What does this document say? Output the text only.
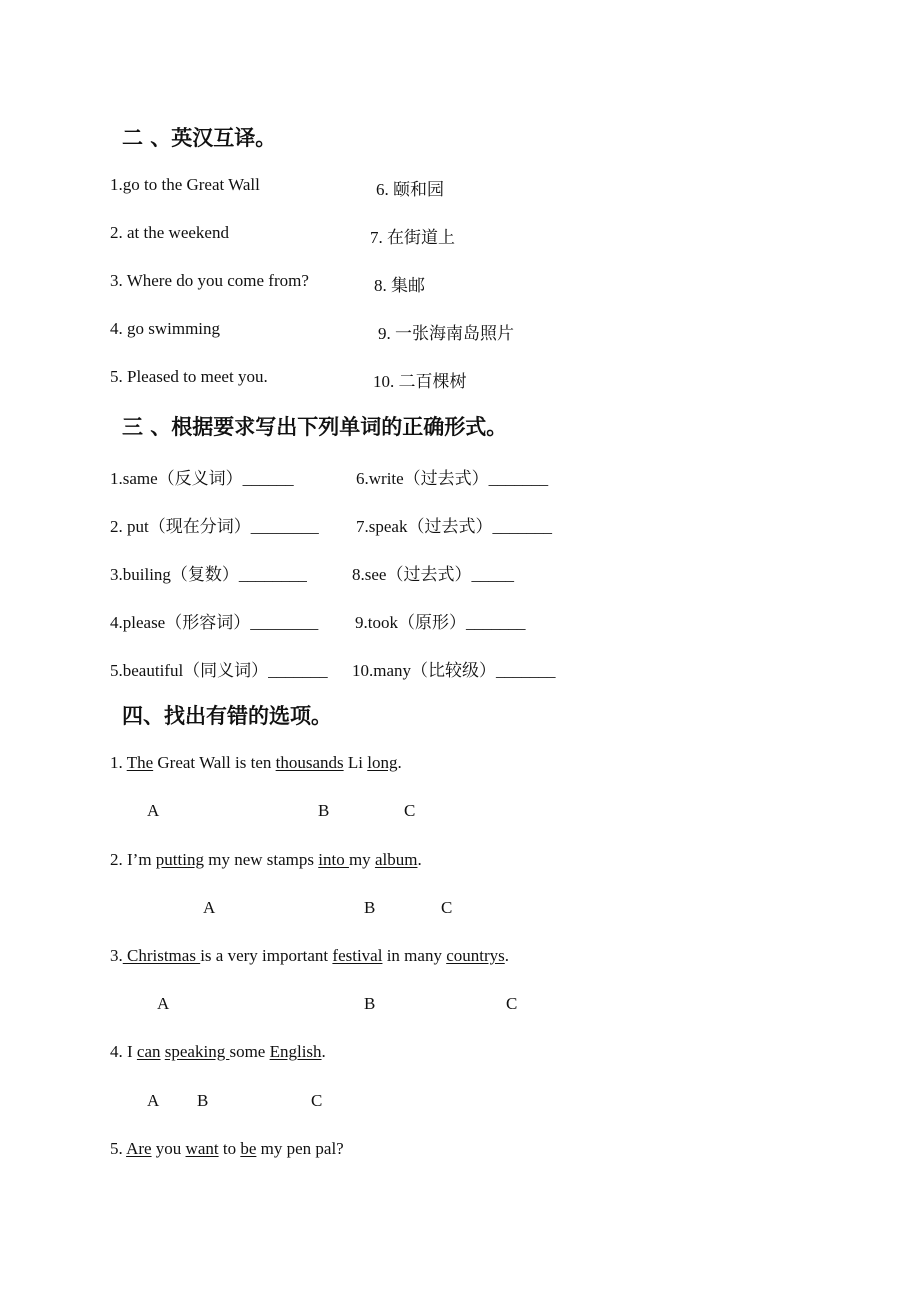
二 、英汉互译。
1.go to the Great Wall	6. 颐和园
2. at the weekend	7. 在街道上
3. Where do you come from?	8. 集邮
4. go swimming	9. 一张海南岛照片
5. Pleased to meet you.	10. 二百棵树
三 、根据要求写出下列单词的正确形式。
1.same（反义词）______	6.write（过去式）_______
2. put（现在分词）________ 7.speak（过去式）_______
3.builing（复数）________	8.see（过去式）_____
4.please（形容词）________ 9.took（原形）_______
5.beautiful（同义词）_______ 10.many（比较级）_______
四、找出有错的选项。
1. The Great Wall is ten thousands Li long.
A	B	C
2. I’m putting my new stamps into my album.
A	B	C
3. Christmas is a very important festival in many countrys.
A	B	C
4. I can speaking some English.
A B	C
5. Are you want to be my pen pal?
